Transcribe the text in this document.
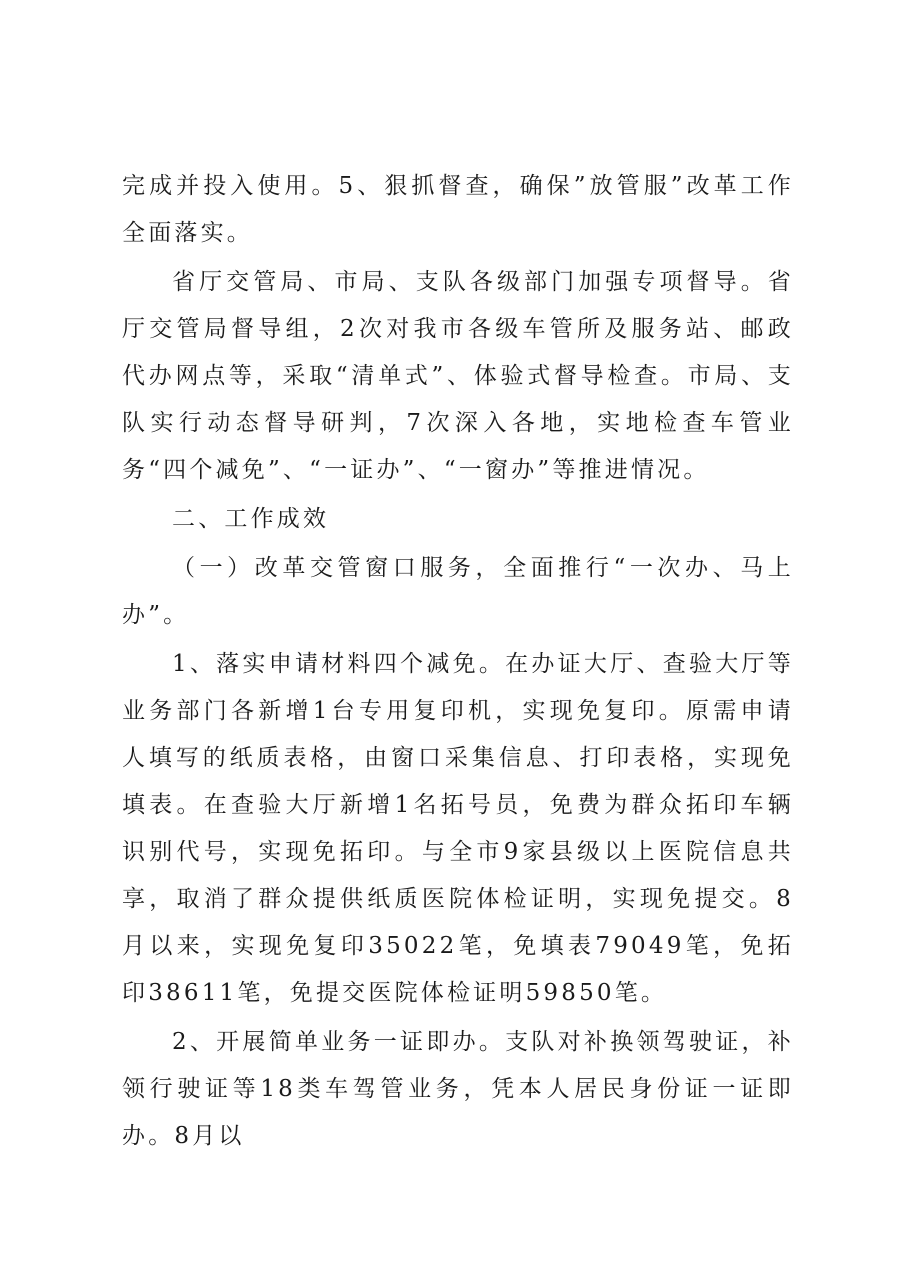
完成并投入使用。5、狠抓督查，确保”放管服”改革工作全面落实。

省厅交管局、市局、支队各级部门加强专项督导。省厅交管局督导组，2次对我市各级车管所及服务站、邮政代办网点等，采取“清单式”、体验式督导检查。市局、支队实行动态督导研判，7次深入各地，实地检查车管业务“四个减免”、“一证办”、“一窗办”等推进情况。

二、工作成效

（一）改革交管窗口服务，全面推行“一次办、马上办”。

1、落实申请材料四个减免。在办证大厅、查验大厅等业务部门各新增1台专用复印机，实现免复印。原需申请人填写的纸质表格，由窗口采集信息、打印表格，实现免填表。在查验大厅新增1名拓号员，免费为群众拓印车辆识别代号，实现免拓印。与全市9家县级以上医院信息共享，取消了群众提供纸质医院体检证明，实现免提交。8月以来，实现免复印35022笔，免填表79049笔，免拓印38611笔，免提交医院体检证明59850笔。

2、开展简单业务一证即办。支队对补换领驾驶证，补领行驶证等18类车驾管业务，凭本人居民身份证一证即办。8月以
